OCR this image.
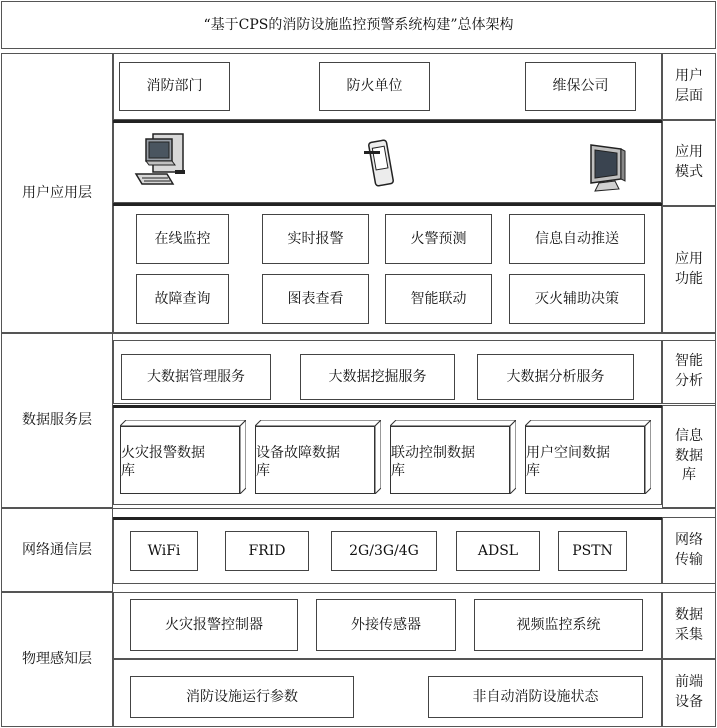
“基于CPS的消防设施监控预警系统构建”总体架构
用户应用层
数据服务层
网络通信层
物理感知层
消防部门	防火单位	维保公司
用户
层面
应用
模式
在线监控	实时报警	火警预测	信息自动推送
故障查询	图表查看	智能联动	灭火辅助决策
应用
功能
大数据管理服务	大数据挖掘服务	大数据分析服务
智能
分析
火灾报警数据
库
设备故障数据
库
联动控制数据
库
用户空间数据
库
信息
数据
库
WiFi	FRID	2G/3G/4G	ADSL	PSTN
网络
传输
火灾报警控制器	外接传感器	视频监控系统
数据
采集
消防设施运行参数	非自动消防设施状态
前端
设备
